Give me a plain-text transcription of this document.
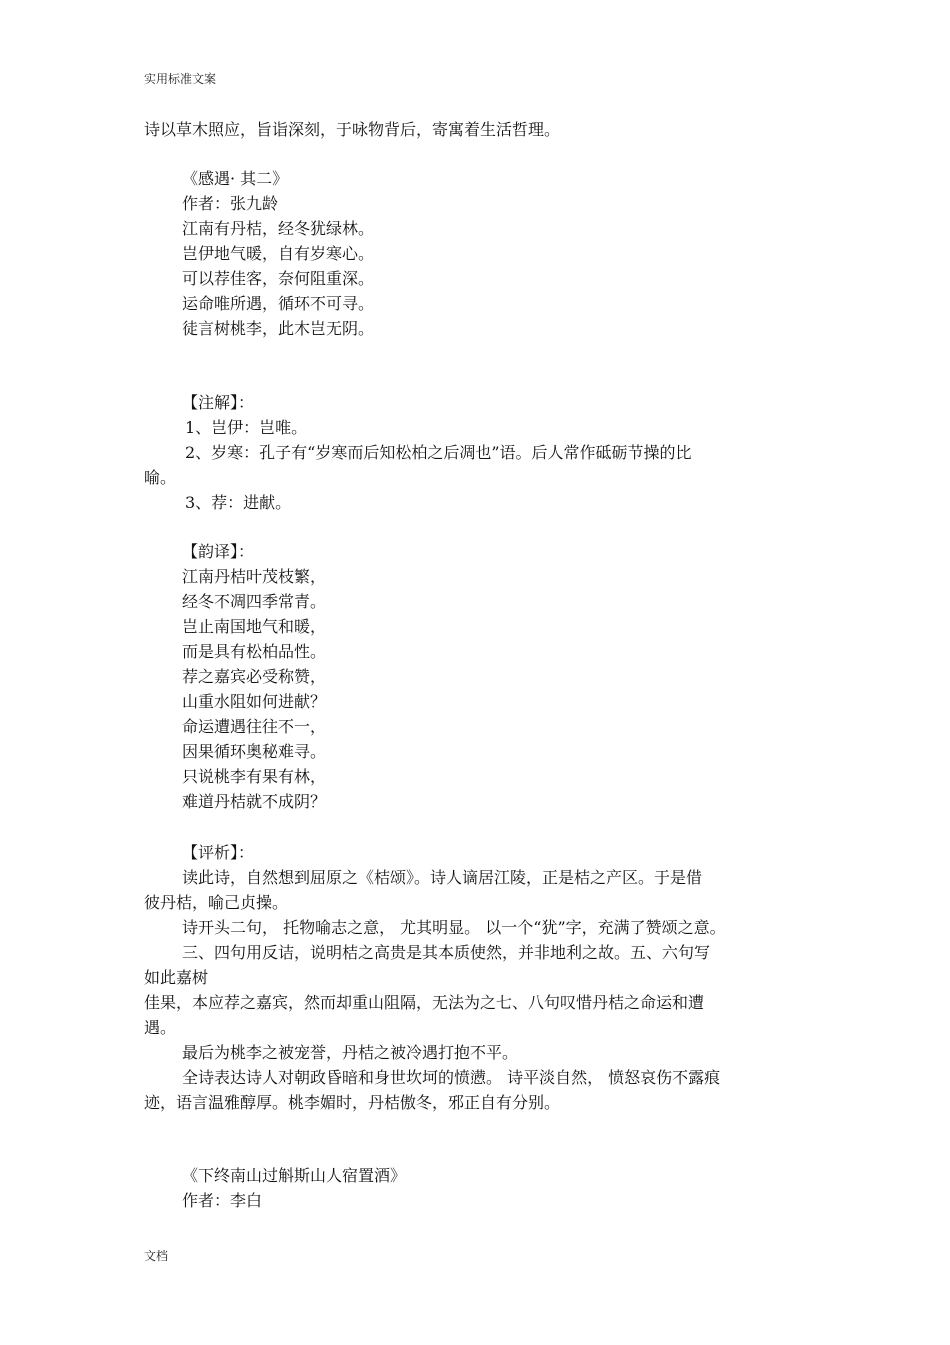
实用标准文案
诗以草木照应，旨诣深刻，于咏物背后，寄寓着生活哲理。
《感遇· 其二》
作者：张九龄
江南有丹桔，经冬犹绿林。
岂伊地气暖，自有岁寒心。
可以荐佳客，奈何阻重深。
运命唯所遇，循环不可寻。
徒言树桃李，此木岂无阴。
【注解】：
1、岂伊：岂唯。
2、岁寒：孔子有“岁寒而后知松柏之后凋也”语。后人常作砥砺节操的比
喻。
3、荐：进献。
【韵译】：
江南丹桔叶茂枝繁，
经冬不凋四季常青。
岂止南国地气和暖，
而是具有松柏品性。
荐之嘉宾必受称赞，
山重水阻如何进献？
命运遭遇往往不一，
因果循环奥秘难寻。
只说桃李有果有林，
难道丹桔就不成阴？
【评析】：
读此诗，自然想到屈原之《桔颂》。诗人谪居江陵，正是桔之产区。于是借
彼丹桔，喻己贞操。
诗开头二句， 托物喻志之意， 尤其明显。 以一个“犹”字，充满了赞颂之意。
三、四句用反诘，说明桔之高贵是其本质使然，并非地利之故。五、六句写
如此嘉树
佳果，本应荐之嘉宾，然而却重山阻隔，无法为之七、八句叹惜丹桔之命运和遭
遇。
最后为桃李之被宠誉，丹桔之被冷遇打抱不平。
全诗表达诗人对朝政昏暗和身世坎坷的愤懑。 诗平淡自然， 愤怒哀伤不露痕
迹，语言温雅醇厚。桃李媚时，丹桔傲冬，邪正自有分别。
《下终南山过斛斯山人宿置酒》
作者：李白
文档
